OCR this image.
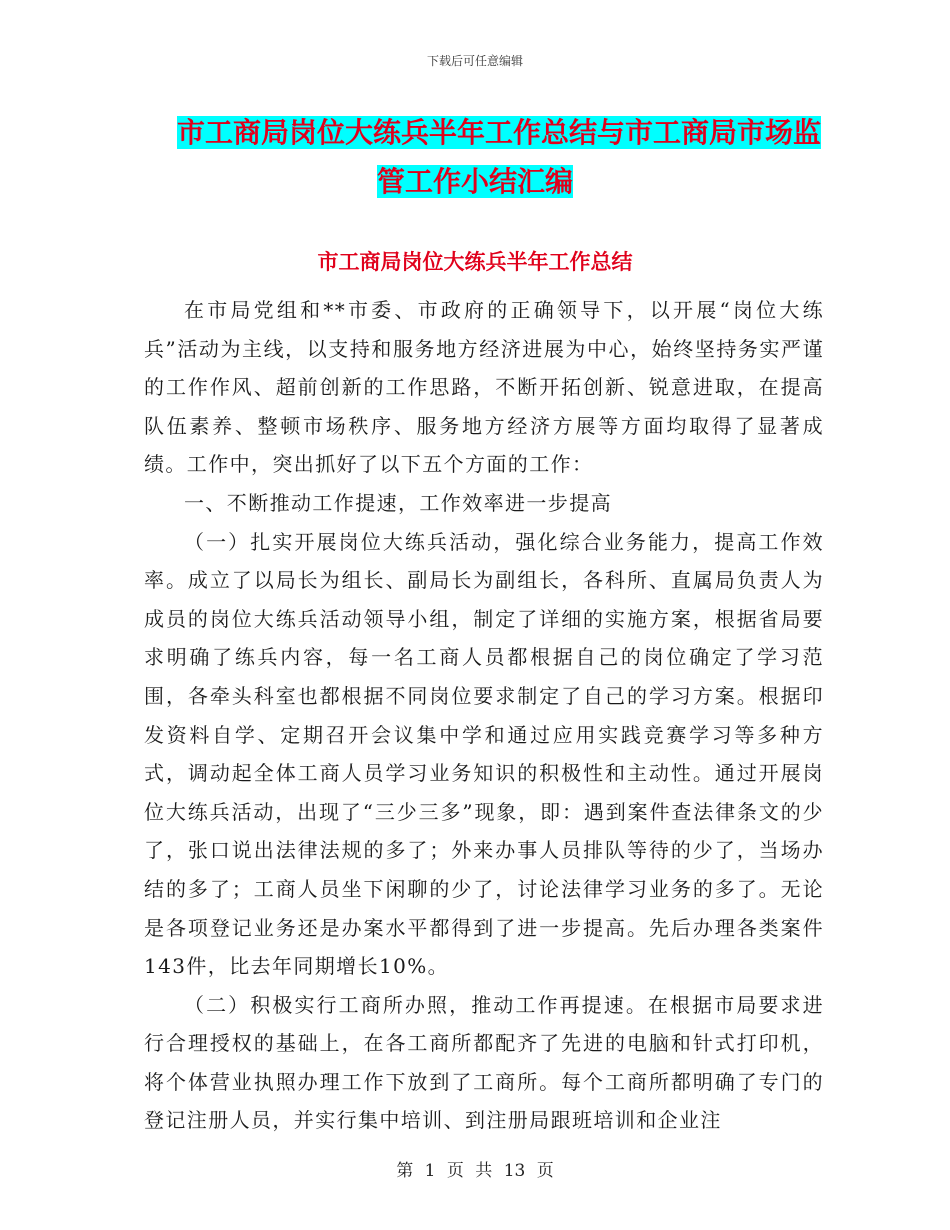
下载后可任意编辑
市工商局岗位大练兵半年工作总结与市工商局市场监
管工作小结汇编
市工商局岗位大练兵半年工作总结

在市局党组和**市委、市政府的正确领导下，以开展“岗位大练兵”活动为主线，以支持和服务地方经济进展为中心，始终坚持务实严谨的工作作风、超前创新的工作思路，不断开拓创新、锐意进取，在提高队伍素养、整顿市场秩序、服务地方经济方展等方面均取得了显著成绩。工作中，突出抓好了以下五个方面的工作：

一、不断推动工作提速，工作效率进一步提高

（一）扎实开展岗位大练兵活动，强化综合业务能力，提高工作效率。成立了以局长为组长、副局长为副组长，各科所、直属局负责人为成员的岗位大练兵活动领导小组，制定了详细的实施方案，根据省局要求明确了练兵内容，每一名工商人员都根据自己的岗位确定了学习范围，各牵头科室也都根据不同岗位要求制定了自己的学习方案。根据印发资料自学、定期召开会议集中学和通过应用实践竞赛学习等多种方式，调动起全体工商人员学习业务知识的积极性和主动性。通过开展岗位大练兵活动，出现了“三少三多”现象，即：遇到案件查法律条文的少了，张口说出法律法规的多了；外来办事人员排队等待的少了，当场办结的多了；工商人员坐下闲聊的少了，讨论法律学习业务的多了。无论是各项登记业务还是办案水平都得到了进一步提高。先后办理各类案件143件，比去年同期增长10%。

（二）积极实行工商所办照，推动工作再提速。在根据市局要求进行合理授权的基础上，在各工商所都配齐了先进的电脑和针式打印机，将个体营业执照办理工作下放到了工商所。每个工商所都明确了专门的登记注册人员，并实行集中培训、到注册局跟班培训和企业注

第 1 页 共 13 页
